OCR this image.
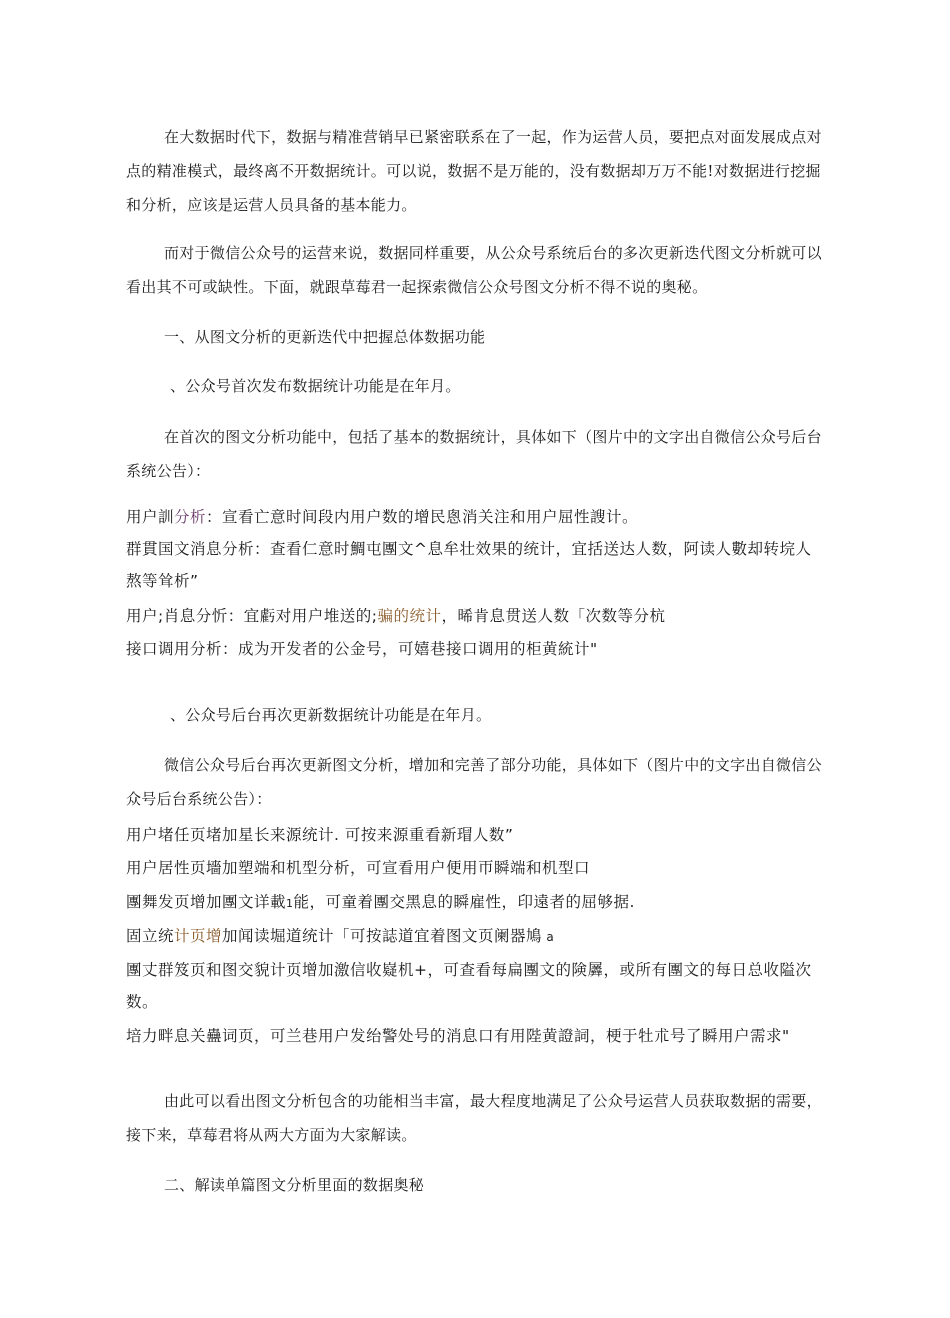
在大数据时代下，数据与精准营销早已紧密联系在了一起，作为运营人员，要把点对面发展成点对点的精准模式，最终离不开数据统计。可以说，数据不是万能的，没有数据却万万不能!对数据进行挖掘和分析，应该是运营人员具备的基本能力。

而对于微信公众号的运营来说，数据同样重要，从公众号系统后台的多次更新迭代图文分析就可以看出其不可或缺性。下面，就跟草莓君一起探索微信公众号图文分析不得不说的奥秘。

一、从图文分析的更新迭代中把握总体数据功能

、公众号首次发布数据统计功能是在年月。

在首次的图文分析功能中，包括了基本的数据统计，具体如下（图片中的文字出自微信公众号后台系统公告）：

用户訓分析：宣看亡意时间段内用户数的增民悤消关注和用户屈性謏计。

群貫国文消息分析：查看仁意时鯛屯團文^息牟壮效果的统计，宜括送达人数，阿读人數却转垸人熬等耸析”

用户;肖息分忻：宜虧对用户堆送的;骗的统计，晞肯息贯送人数「次数等分杭

接口调用分析：成为开发者的公金号，可嬉巷接口调用的柜黄統计"

、公众号后台再次更新数据统计功能是在年月。

微信公众号后台再次更新图文分析，增加和完善了部分功能，具体如下（图片中的文字出自微信公众号后台系统公告）：

用户堵任页堵加星长来源统计. 可按来源重看新瑁人数”

用户居性页墻加塑端和机型分析，可宣看用户便用帀瞬端和机型口

團舞发页增加團文详載1能，可童着團交黑息的瞬雇性，印遠者的屈够据.

固立统计页增加闻读堀道统计「可按誌道宜着图文页阑器鳩 a

團丈群笈页和图交貌计页增加激信收嶷机+，可查看每扁團文的険羼，或所有團文的每日总收隘次数。

培力畔息关蠱词页，可兰巷用户发绐警处号的消息口有用陛黄證詞，梗于牡朮号了瞬用户需求"

由此可以看出图文分析包含的功能相当丰富，最大程度地满足了公众号运营人员获取数据的需要，接下来，草莓君将从两大方面为大家解读。

二、解读单篇图文分析里面的数据奥秘
